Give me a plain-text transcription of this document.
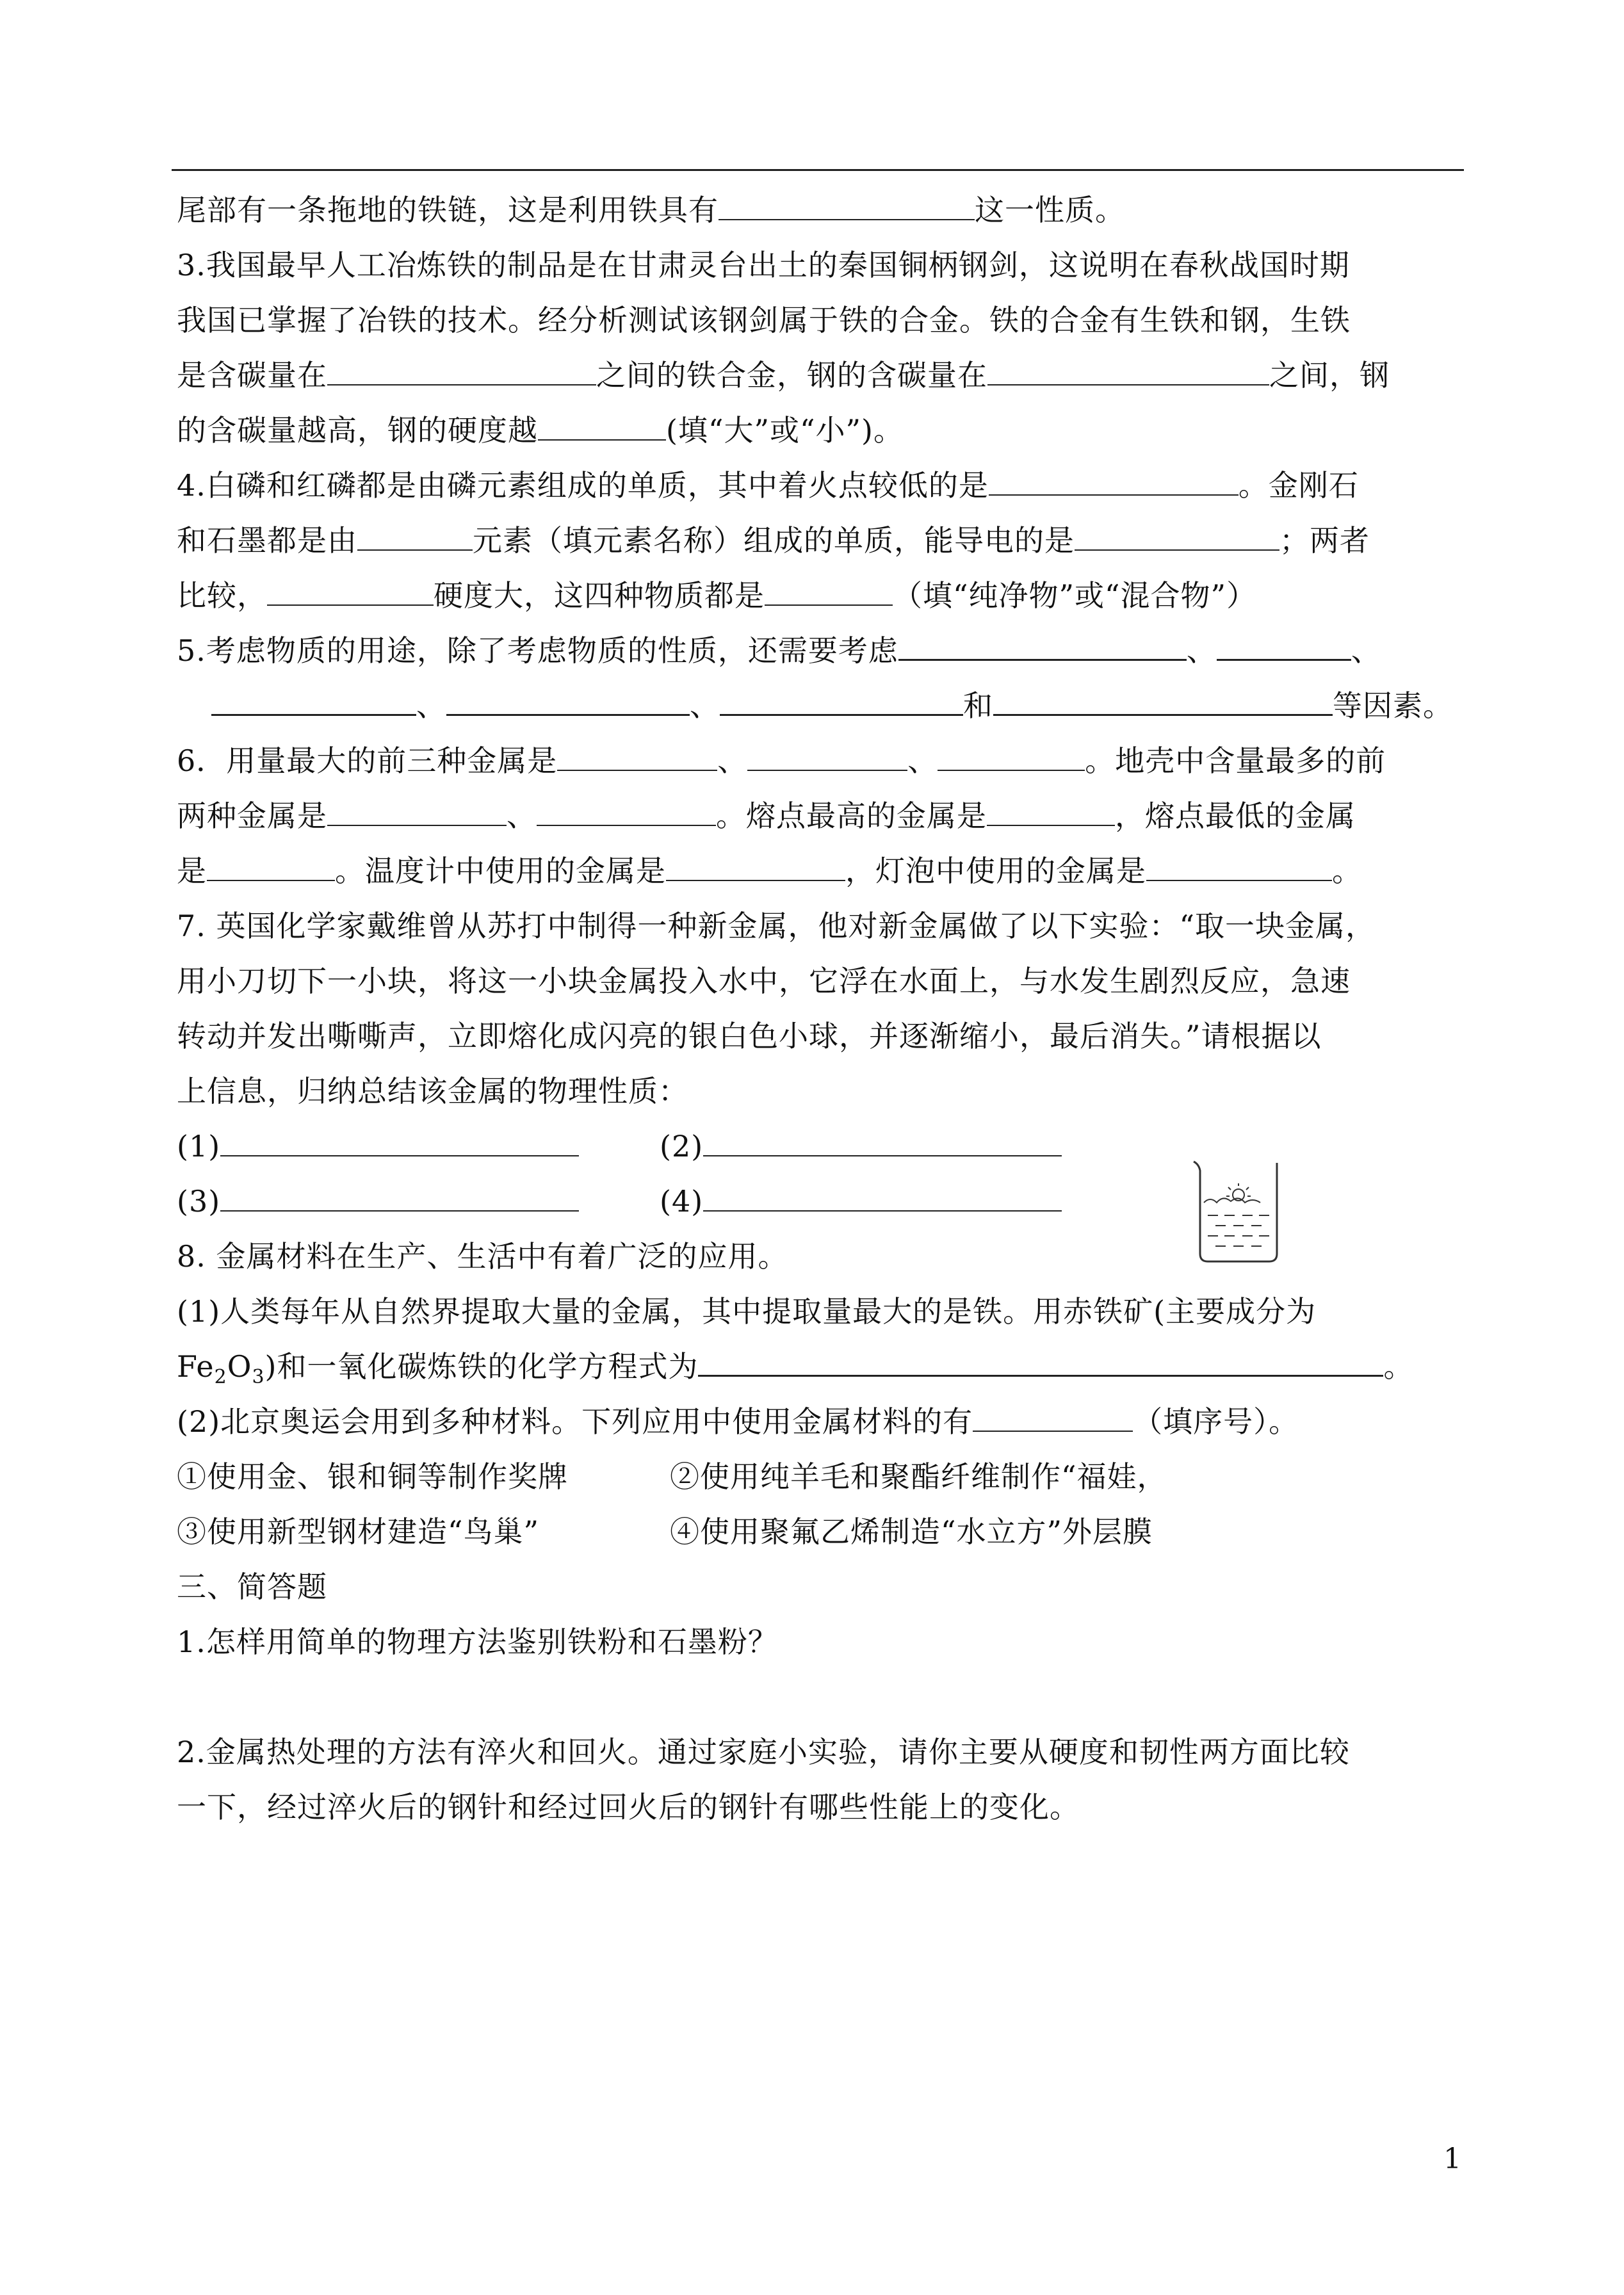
尾部有一条拖地的铁链，这是利用铁具有	这一性质。
3.我国最早人工冶炼铁的制品是在甘肃灵台出土的秦国铜柄钢剑，这说明在春秋战国时期
我国已掌握了冶铁的技术。经分析测试该钢剑属于铁的合金。铁的合金有生铁和钢，生铁
是含碳量在	之间的铁合金，钢的含碳量在	之间，钢
的含碳量越高，钢的硬度越	(填“大”或“小”)。
4.白磷和红磷都是由磷元素组成的单质，其中着火点较低的是	。金刚石
和石墨都是由	元素（填元素名称）组成的单质，能导电的是	；两者
比较，	硬度大，这四种物质都是	（填“纯净物”或“混合物”）
5.考虑物质的用途，除了考虑物质的性质，还需要考虑	、	、
、	、	和	等因素。
6．用量最大的前三种金属是	、	、	。地壳中含量最多的前
两种金属是	、	。熔点最高的金属是	，熔点最低的金属
是	。温度计中使用的金属是	，灯泡中使用的金属是	。
7. 英国化学家戴维曾从苏打中制得一种新金属，他对新金属做了以下实验：“取一块金属，
用小刀切下一小块，将这一小块金属投入水中，它浮在水面上，与水发生剧烈反应，急速
转动并发出嘶嘶声，立即熔化成闪亮的银白色小球，并逐渐缩小，最后消失。”请根据以
上信息，归纳总结该金属的物理性质：
(1)	(2)
(3)	(4)
8. 金属材料在生产、生活中有着广泛的应用。
(1)人类每年从自然界提取大量的金属，其中提取量最大的是铁。用赤铁矿(主要成分为
$Fe_2O_3$)和一氧化碳炼铁的化学方程式为	。
(2)北京奥运会用到多种材料。下列应用中使用金属材料的有	（填序号）。
①使用金、银和铜等制作奖牌	②使用纯羊毛和聚酯纤维制作“福娃，
③使用新型钢材建造“鸟巢”	④使用聚氟乙烯制造“水立方”外层膜
三、简答题
1.怎样用简单的物理方法鉴别铁粉和石墨粉？
2.金属热处理的方法有淬火和回火。通过家庭小实验，请你主要从硬度和韧性两方面比较
一下，经过淬火后的钢针和经过回火后的钢针有哪些性能上的变化。
1
